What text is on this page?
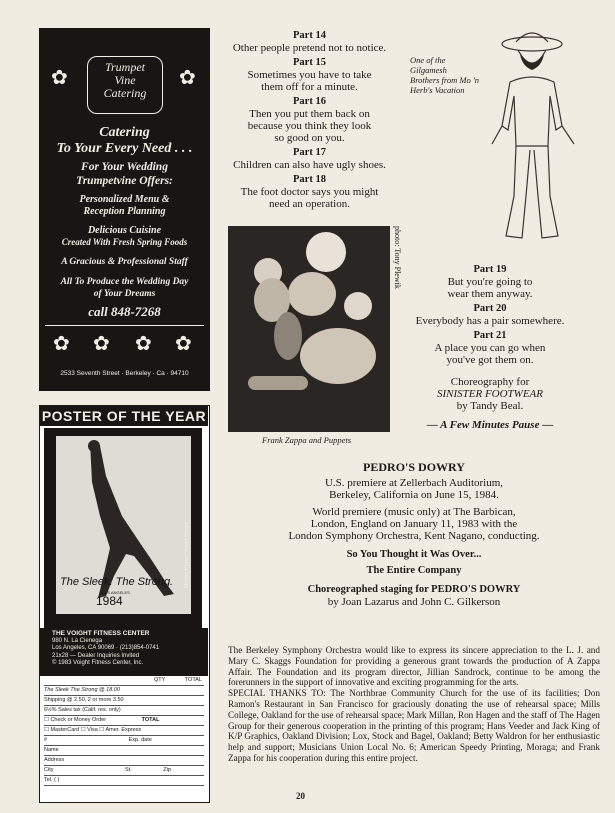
✿	✿
Trumpet
Vine
Catering
Catering
To Your Every Need . . .
For Your Wedding
Trumpetvine Offers:
Personalized Menu &
Reception Planning
Delicious Cuisine
Created With Fresh Spring Foods
A Gracious & Professional Staff
All To Produce the Wedding Day
of Your Dreams
call 848-7268
✿ ✿ ✿ ✿
2533 Seventh Street · Berkeley · Ca · 94710
POSTER OF THE YEAR
The Sleek. The Strong.
LOS ANGELES
1984
THE VOIGHT FITNESS CENTER
980 N. La Cienega
Los Angeles, CA 90069 · (213)854-0741
21x28 — Dealer Inquiries Invited
© 1983 Voight Fitness Center, Inc.
QTY	TOTAL
The Sleek The Strong @ 18.00
Shipping @ 2.50, 2 or more 3.50
6½% Sales tax (Calif. res. only)
☐ Check or Money Order	TOTAL
☐ MasterCard ☐ Visa ☐ Amer. Express
#	Exp. date
Name
Address
City	St.	Zip
Tel. ( )
Part 14
Other people pretend not to notice.
Part 15
Sometimes you have to take
them off for a minute.
Part 16
Then you put them back on
because you think they look
so good on you.
Part 17
Children can also have ugly shoes.
Part 18
The foot doctor says you might
need an operation.
One of the Gilgamesh
Brothers from Mo 'n
Herb's Vacation
photo: Tony Plewik
Frank Zappa and Puppets
Part 19
But you're going to
wear them anyway.
Part 20
Everybody has a pair somewhere.
Part 21
A place you can go when
you've got them on.
Choreography for
SINISTER FOOTWEAR
by Tandy Beal.
— A Few Minutes Pause —
PEDRO'S DOWRY
U.S. premiere at Zellerbach Auditorium,
Berkeley, California on June 15, 1984.
World premiere (music only) at The Barbican,
London, England on January 11, 1983 with the
London Symphony Orchestra, Kent Nagano, conducting.
So You Thought it Was Over...
The Entire Company
Choreographed staging for PEDRO'S DOWRY
by Joan Lazarus and John C. Gilkerson

The Berkeley Symphony Orchestra would like to express its sincere appreciation to the L. J. and Mary C. Skaggs Foundation for providing a generous grant towards the production of A Zappa Affair. The Foundation and its program director, Jillian Sandrock, continue to be among the forerunners in the support of innovative and exciting programming for the arts.

SPECIAL THANKS TO: The Northbrae Community Church for the use of its facilities; Don Ramon's Restaurant in San Francisco for graciously donating the use of rehearsal space; Mills College, Oakland for the use of rehearsal space; Mark Millan, Ron Hagen and the staff of The Hagen Group for their generous cooperation in the printing of this program; Hans Veeder and Jack King of K/P Graphics, Oakland Division; Lox, Stock and Bagel, Oakland; Betty Waldron for her enthusiastic help and support; Musicians Union Local No. 6; American Speedy Printing, Moraga; and Frank Zappa for his cooperation during this entire project.

20
